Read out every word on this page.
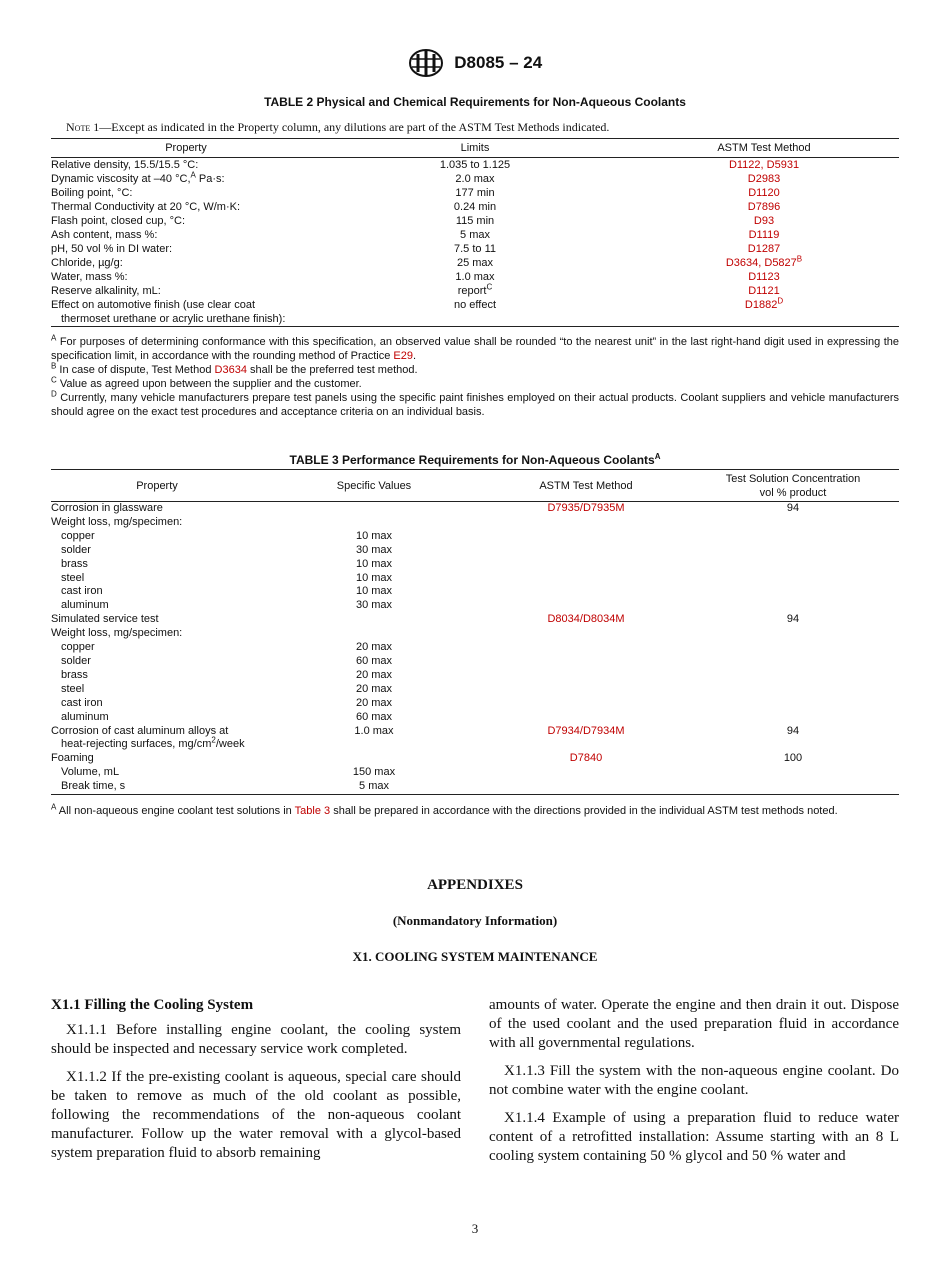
D8085 – 24
TABLE 2 Physical and Chemical Requirements for Non-Aqueous Coolants
Note 1—Except as indicated in the Property column, any dilutions are part of the ASTM Test Methods indicated.
Property	Limits	ASTM Test Method
Relative density, 15.5/15.5 °C:	1.035 to 1.125	D1122, D5931
Dynamic viscosity at –40 °C,$^A$ Pa·s:	2.0 max	D2983
Boiling point, °C:	177 min	D1120
Thermal Conductivity at 20 °C, W/m·K:	0.24 min	D7896
Flash point, closed cup, °C:	115 min	D93
Ash content, mass %:	5 max	D1119
pH, 50 vol % in DI water:	7.5 to 11	D1287
Chloride, µg/g:	25 max	D3634, $D5827^B$
Water, mass %:	1.0 max	D1123
Reserve alkalinity, mL:	report$^C$	D1121
Effect on automotive finish (use clear coat	no effect	$D1882^D$
thermoset urethane or acrylic urethane finish):		

$^A$ For purposes of determining conformance with this specification, an observed value shall be rounded “to the nearest unit” in the last right-hand digit used in expressing the specification limit, in accordance with the rounding method of Practice E29.

$^B$ In case of dispute, Test Method D3634 shall be the preferred test method.

$^C$ Value as agreed upon between the supplier and the customer.

$^D$ Currently, many vehicle manufacturers prepare test panels using the specific paint finishes employed on their actual products. Coolant suppliers and vehicle manufacturers should agree on the exact test procedures and acceptance criteria on an individual basis.

TABLE 3 Performance Requirements for Non-Aqueous Coolants$^A$
Property	Specific Values	ASTM Test Method	Test Solution Concentration
vol % product
Corrosion in glassware		D7935/D7935M	94
Weight loss, mg/specimen:			
copper	10 max		
solder	30 max		
brass	10 max		
steel	10 max		
cast iron	10 max		
aluminum	30 max		
Simulated service test		D8034/D8034M	94
Weight loss, mg/specimen:			
copper	20 max		
solder	60 max		
brass	20 max		
steel	20 max		
cast iron	20 max		
aluminum	60 max		
Corrosion of cast aluminum alloys at	1.0 max	D7934/D7934M	94
heat-rejecting surfaces, $mg/cm^2$/week			
Foaming		D7840	100
Volume, mL	150 max		
Break time, s	5 max		

$^A$ All non-aqueous engine coolant test solutions in Table 3 shall be prepared in accordance with the directions provided in the individual ASTM test methods noted.

APPENDIXES
(Nonmandatory Information)
X1. COOLING SYSTEM MAINTENANCE
X1.1 Filling the Cooling System

X1.1.1 Before installing engine coolant, the cooling system should be inspected and necessary service work completed.

X1.1.2 If the pre-existing coolant is aqueous, special care should be taken to remove as much of the old coolant as possible, following the recommendations of the non-aqueous coolant manufacturer. Follow up the water removal with a glycol-based system preparation fluid to absorb remaining

amounts of water. Operate the engine and then drain it out. Dispose of the used coolant and the used preparation fluid in accordance with all governmental regulations.

X1.1.3 Fill the system with the non-aqueous engine coolant. Do not combine water with the engine coolant.

X1.1.4 Example of using a preparation fluid to reduce water content of a retrofitted installation: Assume starting with an 8 L cooling system containing 50 % glycol and 50 % water and

3
